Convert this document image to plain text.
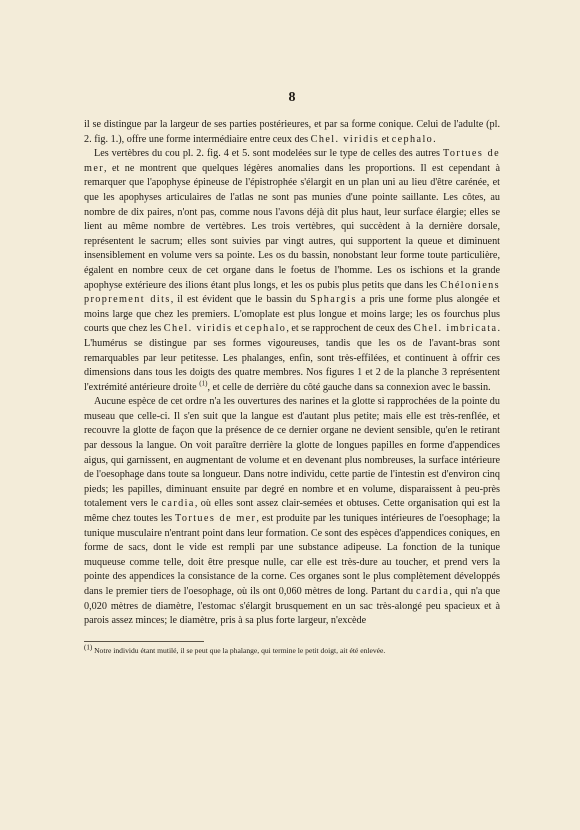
8

il se distingue par la largeur de ses parties postérieures, et par sa forme conique. Celui de l'adulte (pl. 2. fig. 1.), offre une forme intermédiaire entre ceux des Chel. viridis et cephalo.

Les vertèbres du cou pl. 2. fig. 4 et 5. sont modelées sur le type de celles des autres Tortues de mer, et ne montrent que quelques légères anomalies dans les proportions. Il est cependant à remarquer que l'apophyse épineuse de l'épistrophée s'élargit en un plan uni au lieu d'être carénée, et que les apophyses articulaires de l'atlas ne sont pas munies d'une pointe saillante. Les côtes, au nombre de dix paires, n'ont pas, comme nous l'avons déjà dit plus haut, leur surface élargie; elles se lient au même nombre de vertèbres. Les trois vertèbres, qui succèdent à la dernière dorsale, représentent le sacrum; elles sont suivies par vingt autres, qui supportent la queue et diminuent insensiblement en volume vers sa pointe. Les os du bassin, nonobstant leur forme toute particulière, égalent en nombre ceux de cet organe dans le foetus de l'homme. Les os ischions et la grande apophyse extérieure des ilions étant plus longs, et les os pubis plus petits que dans les Chéloniens proprement dits, il est évident que le bassin du Sphargis a pris une forme plus alongée et moins large que chez les premiers. L'omoplate est plus longue et moins large; les os fourchus plus courts que chez les Chel. viridis et cephalo, et se rapprochent de ceux des Chel. imbricata. L'humérus se distingue par ses formes vigoureuses, tandis que les os de l'avant-bras sont remarquables par leur petitesse. Les phalanges, enfin, sont très-effilées, et continuent à offrir ces dimensions dans tous les doigts des quatre membres. Nos figures 1 et 2 de la planche 3 représentent l'extrémité antérieure droite $^{(1)}$, et celle de derrière du côté gauche dans sa connexion avec le bassin.

Aucune espèce de cet ordre n'a les ouvertures des narines et la glotte si rapprochées de la pointe du museau que celle-ci. Il s'en suit que la langue est d'autant plus petite; mais elle est très-renflée, et recouvre la glotte de façon que la présence de ce dernier organe ne devient sensible, qu'en le retirant par dessous la langue. On voit paraître derrière la glotte de longues papilles en forme d'appendices aigus, qui garnissent, en augmentant de volume et en devenant plus nombreuses, la surface intérieure de l'oesophage dans toute sa longueur. Dans notre individu, cette partie de l'intestin est d'environ cinq pieds; les papilles, diminuant ensuite par degré en nombre et en volume, disparaissent à peu-près totalement vers le cardia, où elles sont assez clair-semées et obtuses. Cette organisation qui est la même chez toutes les Tortues de mer, est produite par les tuniques intérieures de l'oesophage; la tunique musculaire n'entrant point dans leur formation. Ce sont des espèces d'appendices coniques, en forme de sacs, dont le vide est rempli par une substance adipeuse. La fonction de la tunique muqueuse comme telle, doit être presque nulle, car elle est très-dure au toucher, et prend vers la pointe des appendices la consistance de la corne. Ces organes sont le plus complètement développés dans le premier tiers de l'oesophage, où ils ont 0,060 mètres de long. Partant du cardia, qui n'a que 0,020 mètres de diamètre, l'estomac s'élargit brusquement en un sac très-alongé peu spacieux et à parois assez minces; le diamètre, pris à sa plus forte largeur, n'excède

$^{(1)}$ Notre individu étant mutilé, il se peut que la phalange, qui termine le petit doigt, ait été enlevée.
